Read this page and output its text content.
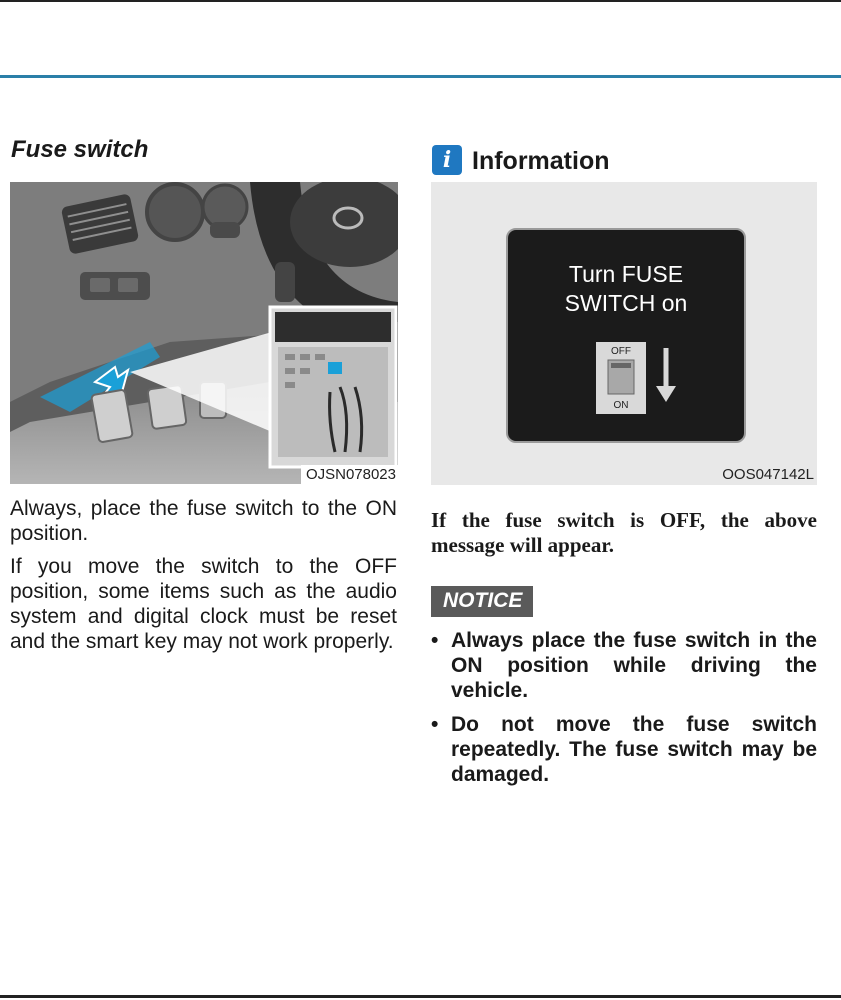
Fuse switch
OJSN078023

Always, place the fuse switch to the ON position.

If you move the switch to the OFF position, some items such as the audio system and digital clock must be reset and the smart key may not work properly.

i Information
Turn FUSE
SWITCH on
OFF
ON
OOS047142L

If the fuse switch is OFF, the above message will appear.

NOTICE
• Always place the fuse switch in the ON position while driving the vehicle.
• Do not move the fuse switch repeatedly. The fuse switch may be damaged.
